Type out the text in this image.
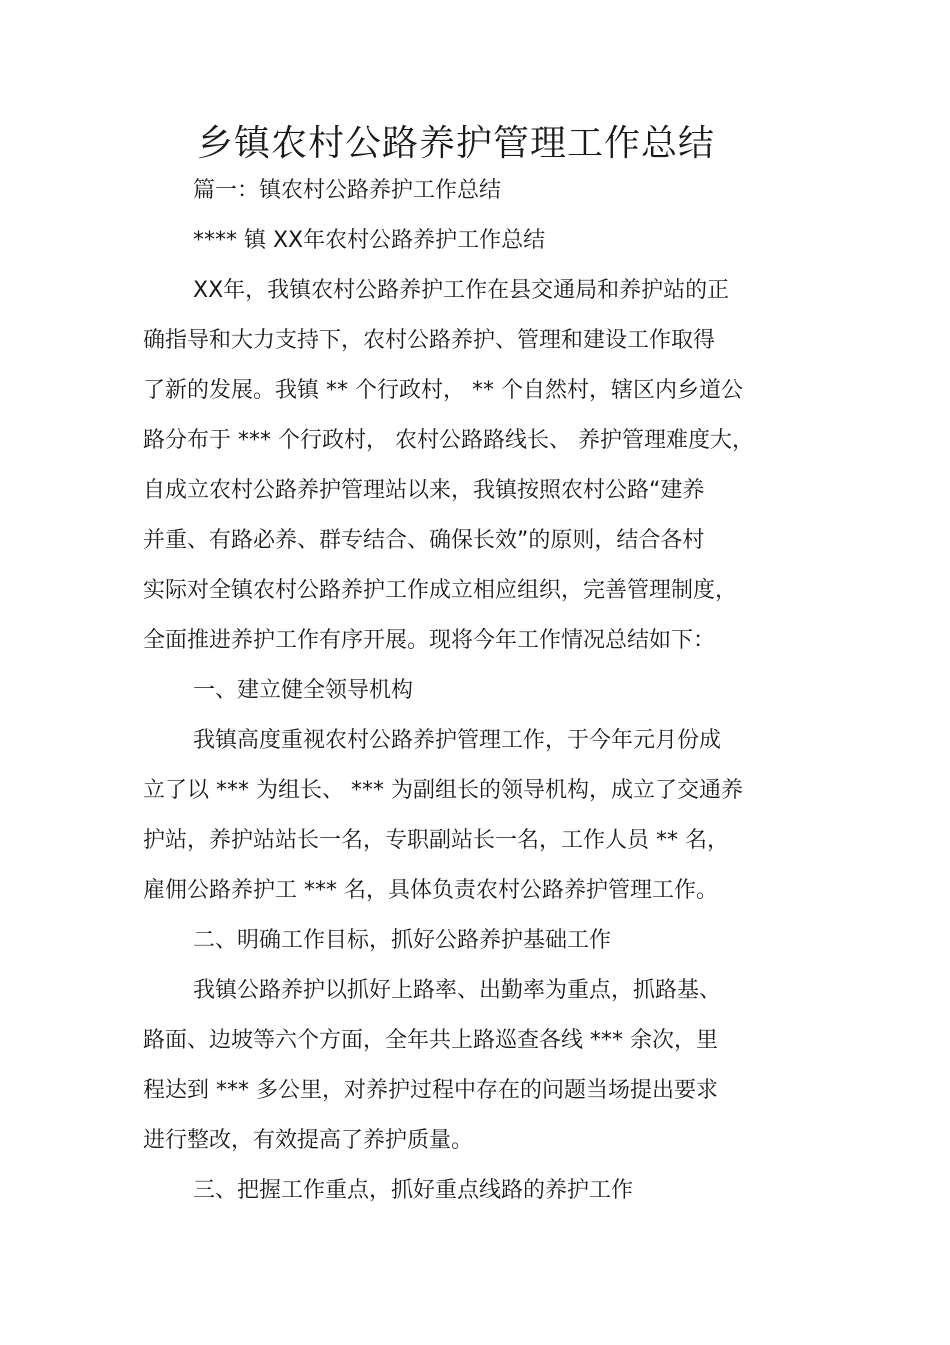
乡镇农村公路养护管理工作总结
篇一：镇农村公路养护工作总结
**** 镇 XX年农村公路养护工作总结
XX年，我镇农村公路养护工作在县交通局和养护站的正
确指导和大力支持下，农村公路养护、管理和建设工作取得
了新的发展。我镇 ** 个行政村， ** 个自然村，辖区内乡道公
路分布于 *** 个行政村， 农村公路路线长、 养护管理难度大，
自成立农村公路养护管理站以来，我镇按照农村公路“建养
并重、有路必养、群专结合、确保长效”的原则，结合各村
实际对全镇农村公路养护工作成立相应组织，完善管理制度，
全面推进养护工作有序开展。现将今年工作情况总结如下：
一、建立健全领导机构
我镇高度重视农村公路养护管理工作，于今年元月份成
立了以 *** 为组长、 *** 为副组长的领导机构，成立了交通养
护站，养护站站长一名，专职副站长一名，工作人员 ** 名，
雇佣公路养护工 *** 名，具体负责农村公路养护管理工作。
二、明确工作目标，抓好公路养护基础工作
我镇公路养护以抓好上路率、出勤率为重点，抓路基、
路面、边坡等六个方面，全年共上路巡查各线 *** 余次，里
程达到 *** 多公里，对养护过程中存在的问题当场提出要求
进行整改，有效提高了养护质量。
三、把握工作重点，抓好重点线路的养护工作
